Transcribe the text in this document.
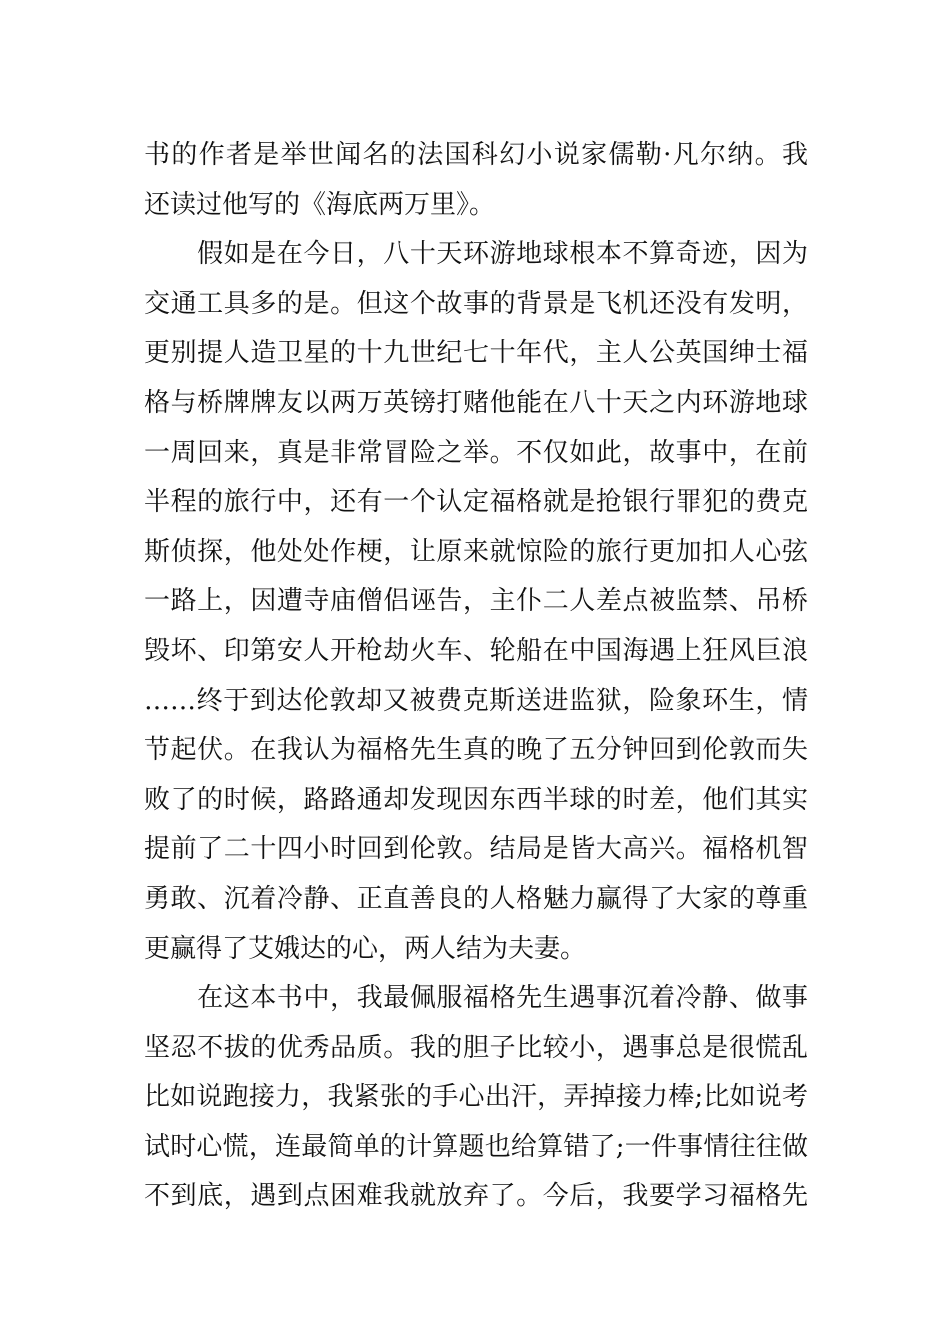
书的作者是举世闻名的法国科幻小说家儒勒·凡尔纳。我
还读过他写的《海底两万里》。
　　假如是在今日，八十天环游地球根本不算奇迹，因为
交通工具多的是。但这个故事的背景是飞机还没有发明，
更别提人造卫星的十九世纪七十年代，主人公英国绅士福
格与桥牌牌友以两万英镑打赌他能在八十天之内环游地球
一周回来，真是非常冒险之举。不仅如此，故事中，在前
半程的旅行中，还有一个认定福格就是抢银行罪犯的费克
斯侦探，他处处作梗，让原来就惊险的旅行更加扣人心弦
一路上，因遭寺庙僧侣诬告，主仆二人差点被监禁、吊桥
毁坏、印第安人开枪劫火车、轮船在中国海遇上狂风巨浪
……终于到达伦敦却又被费克斯送进监狱，险象环生，情
节起伏。在我认为福格先生真的晚了五分钟回到伦敦而失
败了的时候，路路通却发现因东西半球的时差，他们其实
提前了二十四小时回到伦敦。结局是皆大高兴。福格机智
勇敢、沉着冷静、正直善良的人格魅力赢得了大家的尊重
更赢得了艾娥达的心，两人结为夫妻。
　　在这本书中，我最佩服福格先生遇事沉着冷静、做事
坚忍不拔的优秀品质。我的胆子比较小，遇事总是很慌乱
比如说跑接力，我紧张的手心出汗，弄掉接力棒;比如说考
试时心慌，连最简单的计算题也给算错了;一件事情往往做
不到底，遇到点困难我就放弃了。今后，我要学习福格先
